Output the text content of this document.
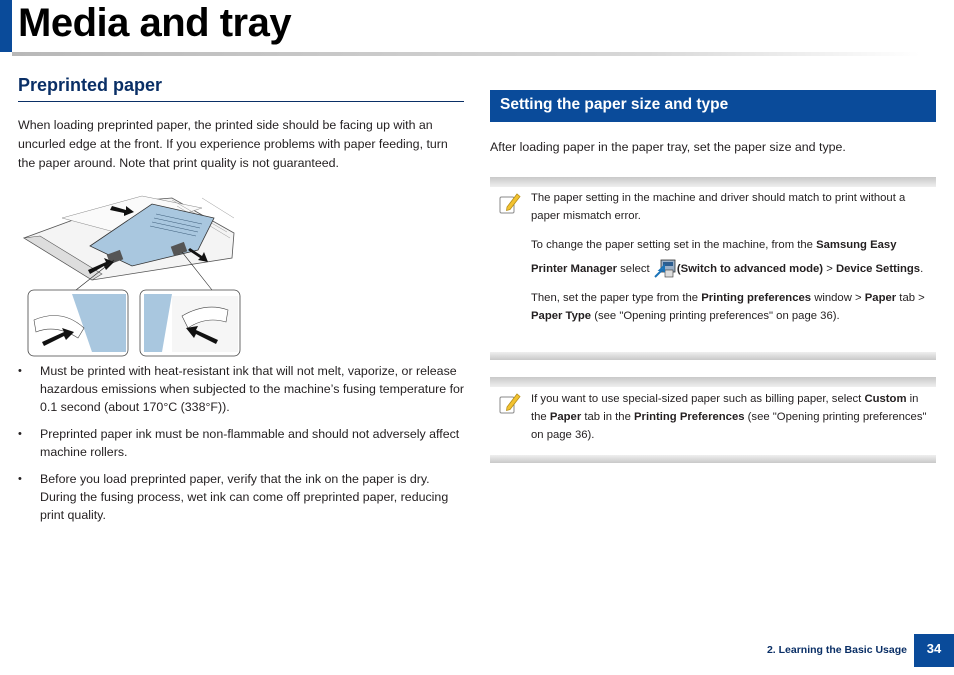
Media and tray
Preprinted paper

When loading preprinted paper, the printed side should be facing up with an uncurled edge at the front. If you experience problems with paper feeding, turn the paper around. Note that print quality is not guaranteed.

• Must be printed with heat-resistant ink that will not melt, vaporize, or release hazardous emissions when subjected to the machine’s fusing temperature for 0.1 second (about 170°C (338°F)).
• Preprinted paper ink must be non-flammable and should not adversely affect machine rollers.
• Before you load preprinted paper, verify that the ink on the paper is dry. During the fusing process, wet ink can come off preprinted paper, reducing print quality.
Setting the paper size and type

After loading paper in the paper tray, set the paper size and type.

The paper setting in the machine and driver should match to print without a paper mismatch error.

To change the paper setting set in the machine, from the Samsung Easy Printer Manager select (Switch to advanced mode) > Device Settings.

Then, set the paper type from the Printing preferences window > Paper tab > Paper Type (see "Opening printing preferences" on page 36).

If you want to use special-sized paper such as billing paper, select Custom in the Paper tab in the Printing Preferences (see "Opening printing preferences" on page 36).

2. Learning the Basic Usage	34
